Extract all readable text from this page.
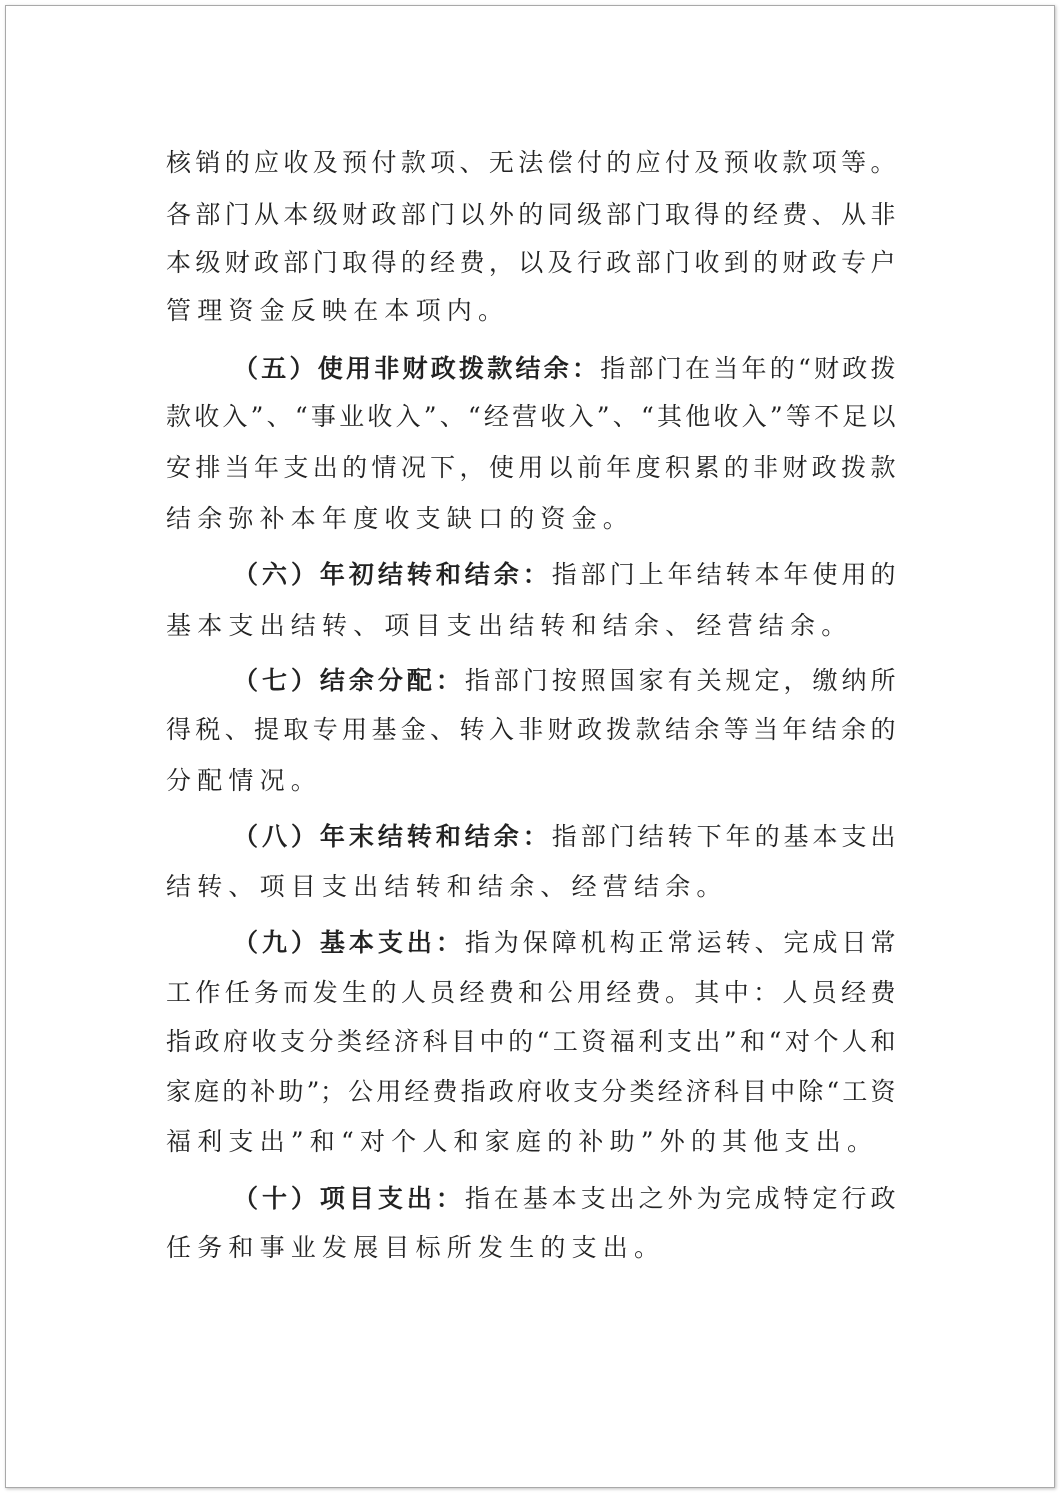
核销的应收及预付款项、无法偿付的应付及预收款项等。
各部门从本级财政部门以外的同级部门取得的经费、从非
本级财政部门取得的经费，以及行政部门收到的财政专户
管理资金反映在本项内。
（五）使用非财政拨款结余：指部门在当年的“财政拨
款收入”、“事业收入”、“经营收入”、“其他收入”等不足以
安排当年支出的情况下，使用以前年度积累的非财政拨款
结余弥补本年度收支缺口的资金。
（六）年初结转和结余：指部门上年结转本年使用的
基本支出结转、项目支出结转和结余、经营结余。
（七）结余分配：指部门按照国家有关规定，缴纳所
得税、提取专用基金、转入非财政拨款结余等当年结余的
分配情况。
（八）年末结转和结余：指部门结转下年的基本支出
结转、项目支出结转和结余、经营结余。
（九）基本支出：指为保障机构正常运转、完成日常
工作任务而发生的人员经费和公用经费。其中：人员经费
指政府收支分类经济科目中的“工资福利支出”和“对个人和
家庭的补助”；公用经费指政府收支分类经济科目中除“工资
福利支出”和“对个人和家庭的补助”外的其他支出。
（十）项目支出：指在基本支出之外为完成特定行政
任务和事业发展目标所发生的支出。
